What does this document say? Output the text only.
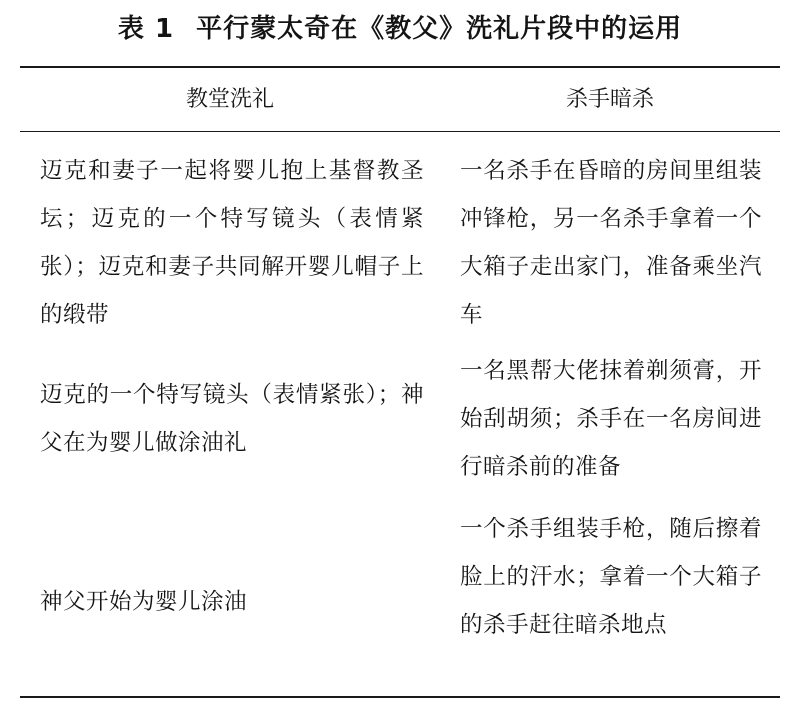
表 1 平行蒙太奇在《教父》洗礼片段中的运用
教堂洗礼	杀手暗杀
迈克和妻子一起将婴儿抱上基督教圣坛；迈克的一个特写镜头（表情紧张）；迈克和妻子共同解开婴儿帽子上的缎带
一名杀手在昏暗的房间里组装冲锋枪，另一名杀手拿着一个大箱子走出家门，准备乘坐汽车
迈克的一个特写镜头（表情紧张）；神父在为婴儿做涂油礼
一名黑帮大佬抹着剃须膏，开始刮胡须；杀手在一名房间进行暗杀前的准备
神父开始为婴儿涂油
一个杀手组装手枪，随后擦着脸上的汗水；拿着一个大箱子的杀手赶往暗杀地点
